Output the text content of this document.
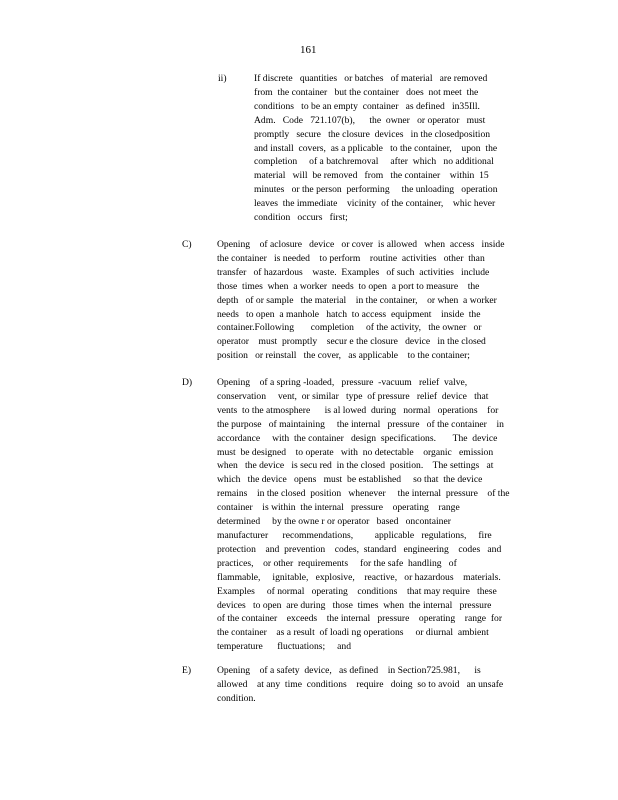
161
ii)	If discrete   quantities   or batches   of material   are removed
from  the container   but the container   does  not meet  the
conditions   to be an empty  container   as defined   in35Ill.
Adm.   Code   721.107(b),      the  owner   or operator   must
promptly   secure   the closure  devices   in the closedposition
and install  covers,  as a pplicable   to the container,    upon  the
completion     of a batchremoval     after  which   no additional
material   will  be removed   from   the container    within  15
minutes   or the person  performing     the unloading   operation
leaves  the immediate    vicinity  of the container,    whic hever
condition   occurs   first;
C)	Opening    of aclosure   device   or cover  is allowed   when  access   inside
the container   is needed    to perform    routine  activities   other  than
transfer   of hazardous    waste.  Examples   of such  activities   include
those  times  when  a worker  needs  to open  a port to measure    the
depth   of or sample   the material    in the container,    or when  a worker
needs   to open  a manhole   hatch  to access  equipment    inside  the
container.Following       completion     of the activity,   the owner   or
operator    must  promptly    secur e the closure   device   in the closed
position   or reinstall   the cover,   as applicable    to the container;
D)	Opening    of a spring -loaded,   pressure  -vacuum   relief  valve,
conservation     vent,  or similar   type  of pressure   relief  device   that
vents  to the atmosphere      is al lowed  during   normal   operations    for
the purpose   of maintaining     the internal   pressure   of the container    in
accordance     with  the container   design  specifications.       The  device
must  be designed    to operate   with  no detectable    organic   emission
when   the device   is secu red  in the closed  position.    The settings   at
which   the device   opens   must  be established     so that  the device
remains    in the closed  position   whenever     the internal  pressure    of the
container    is within  the internal   pressure    operating    range
determined     by the owne r or operator   based   oncontainer
manufacturer      recommendations,         applicable   regulations,     fire
protection    and  prevention    codes,  standard   engineering    codes   and
practices,    or other  requirements     for the safe  handling   of
flammable,     ignitable,   explosive,    reactive,   or hazardous    materials.
Examples     of normal   operating    conditions    that may require   these
devices   to open  are during   those  times  when  the internal   pressure
of the container    exceeds    the internal   pressure    operating    range  for
the container    as a result  of loadi ng operations     or diurnal  ambient
temperature      fluctuations;     and
E)	Opening    of a safety  device,   as defined    in Section725.981,      is
allowed    at any  time  conditions    require   doing  so to avoid   an unsafe
condition.
